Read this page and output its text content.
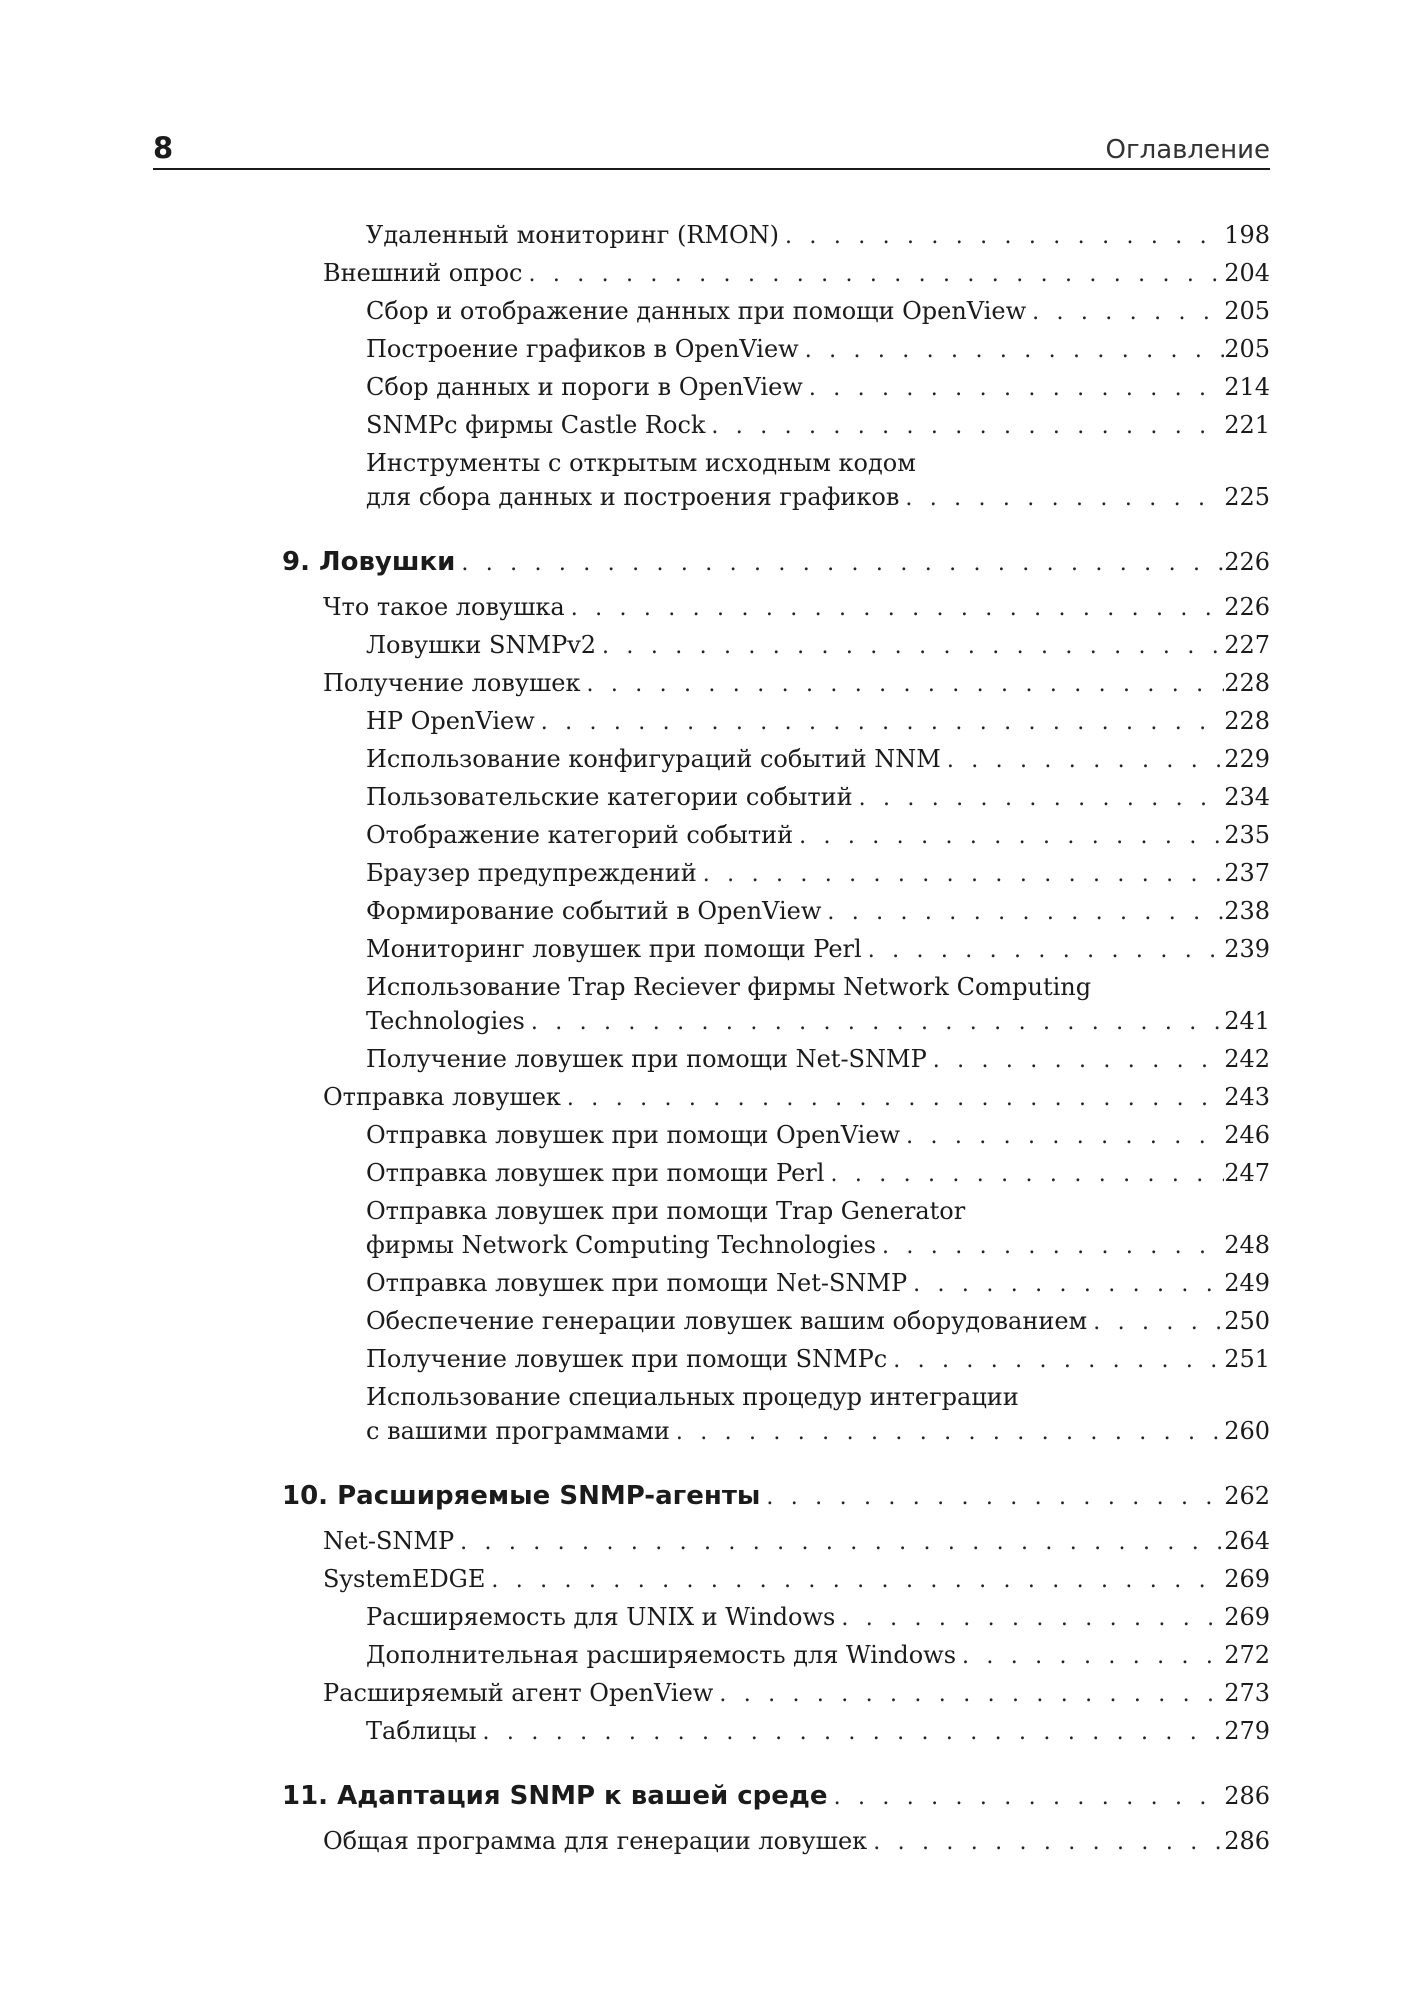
8	Оглавление
Удаленный мониторинг (RMON) . . .	198
Внешний опрос . . .	204
Сбор и отображение данных при помощи OpenView . . .	205
Построение графиков в OpenView . . .	205
Сбор данных и пороги в OpenView . . .	214
SNMPc фирмы Castle Rock . . .	221
Инструменты с открытым исходным кодом
для сбора данных и построения графиков . . .	225
9. Ловушки . . .	226
Что такое ловушка . . .	226
Ловушки SNMPv2 . . .	227
Получение ловушек . . .	228
HP OpenView . . .	228
Использование конфигураций событий NNM . . .	229
Пользовательские категории событий . . .	234
Отображение категорий событий . . .	235
Браузер предупреждений . . .	237
Формирование событий в OpenView . . .	238
Мониторинг ловушек при помощи Perl . . .	239
Использование Trap Reciever фирмы Network Computing
Technologies . . .	241
Получение ловушек при помощи Net-SNMP . . .	242
Отправка ловушек . . .	243
Отправка ловушек при помощи OpenView . . .	246
Отправка ловушек при помощи Perl . . .	247
Отправка ловушек при помощи Trap Generator
фирмы Network Computing Technologies . . .	248
Отправка ловушек при помощи Net-SNMP . . .	249
Обеспечение генерации ловушек вашим оборудованием . . .	250
Получение ловушек при помощи SNMPc . . .	251
Использование специальных процедур интеграции
с вашими программами . . .	260
10. Расширяемые SNMP-агенты . . .	262
Net-SNMP . . .	264
SystemEDGE . . .	269
Расширяемость для UNIX и Windows . . .	269
Дополнительная расширяемость для Windows . . .	272
Расширяемый агент OpenView . . .	273
Таблицы . . .	279
11. Адаптация SNMP к вашей среде . . .	286
Общая программа для генерации ловушек . . .	286
